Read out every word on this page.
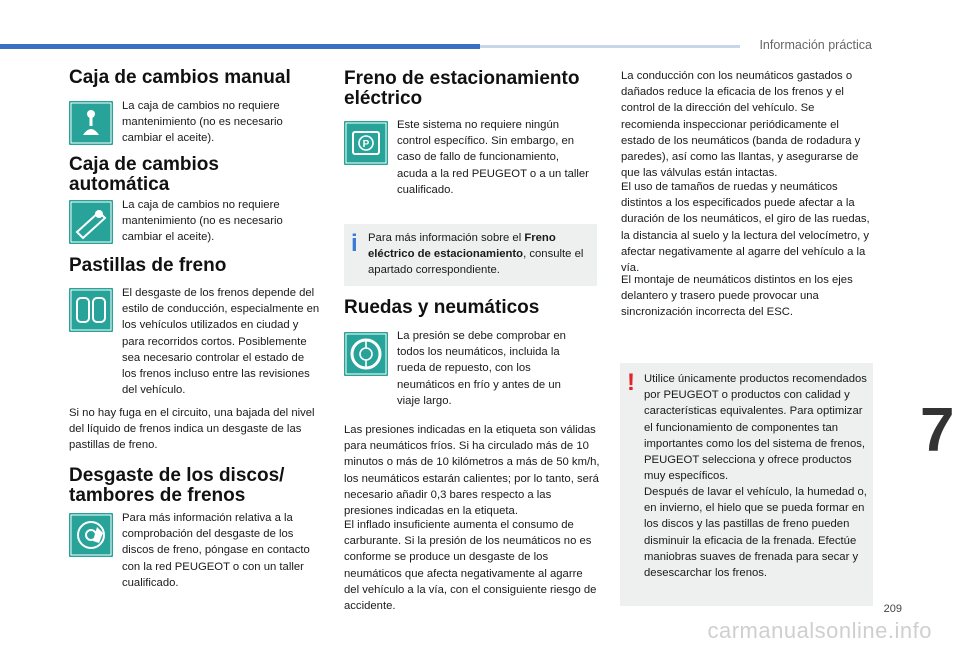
Información práctica
Caja de cambios manual
La caja de cambios no requiere mantenimiento (no es necesario cambiar el aceite).
Caja de cambios
automática
La caja de cambios no requiere mantenimiento (no es necesario cambiar el aceite).
Pastillas de freno
El desgaste de los frenos depende del estilo de conducción, especialmente en los vehículos utilizados en ciudad y para recorridos cortos. Posiblemente sea necesario controlar el estado de los frenos incluso entre las revisiones del vehículo.
Si no hay fuga en el circuito, una bajada del nivel del líquido de frenos indica un desgaste de las pastillas de freno.
Desgaste de los discos/
tambores de frenos
Para más información relativa a la comprobación del desgaste de los discos de freno, póngase en contacto con la red PEUGEOT o con un taller cualificado.
Freno de estacionamiento
eléctrico
P
Este sistema no requiere ningún control específico. Sin embargo, en caso de fallo de funcionamiento, acuda a la red PEUGEOT o a un taller cualificado.
i Para más información sobre el Freno eléctrico de estacionamiento, consulte el apartado correspondiente.
Ruedas y neumáticos
La presión se debe comprobar en todos los neumáticos, incluida la rueda de repuesto, con los neumáticos en frío y antes de un viaje largo.
Las presiones indicadas en la etiqueta son válidas para neumáticos fríos. Si ha circulado más de 10 minutos o más de 10 kilómetros a más de 50 km/h, los neumáticos estarán calientes; por lo tanto, será necesario añadir 0,3 bares respecto a las presiones indicadas en la etiqueta.
El inflado insuficiente aumenta el consumo de carburante. Si la presión de los neumáticos no es conforme se produce un desgaste de los neumáticos que afecta negativamente al agarre del vehículo a la vía, con el consiguiente riesgo de accidente.
La conducción con los neumáticos gastados o dañados reduce la eficacia de los frenos y el control de la dirección del vehículo. Se recomienda inspeccionar periódicamente el estado de los neumáticos (banda de rodadura y paredes), así como las llantas, y asegurarse de que las válvulas están intactas.
El uso de tamaños de ruedas y neumáticos distintos a los especificados puede afectar a la duración de los neumáticos, el giro de las ruedas, la distancia al suelo y la lectura del velocímetro, y afectar negativamente al agarre del vehículo a la vía.
El montaje de neumáticos distintos en los ejes delantero y trasero puede provocar una sincronización incorrecta del ESC.
! Utilice únicamente productos recomendados por PEUGEOT o productos con calidad y características equivalentes. Para optimizar el funcionamiento de componentes tan importantes como los del sistema de frenos, PEUGEOT selecciona y ofrece productos muy específicos.
Después de lavar el vehículo, la humedad o, en invierno, el hielo que se pueda formar en los discos y las pastillas de freno pueden disminuir la eficacia de la frenada. Efectúe maniobras suaves de frenada para secar y desescarchar los frenos.
7
209
carmanualsonline.info
